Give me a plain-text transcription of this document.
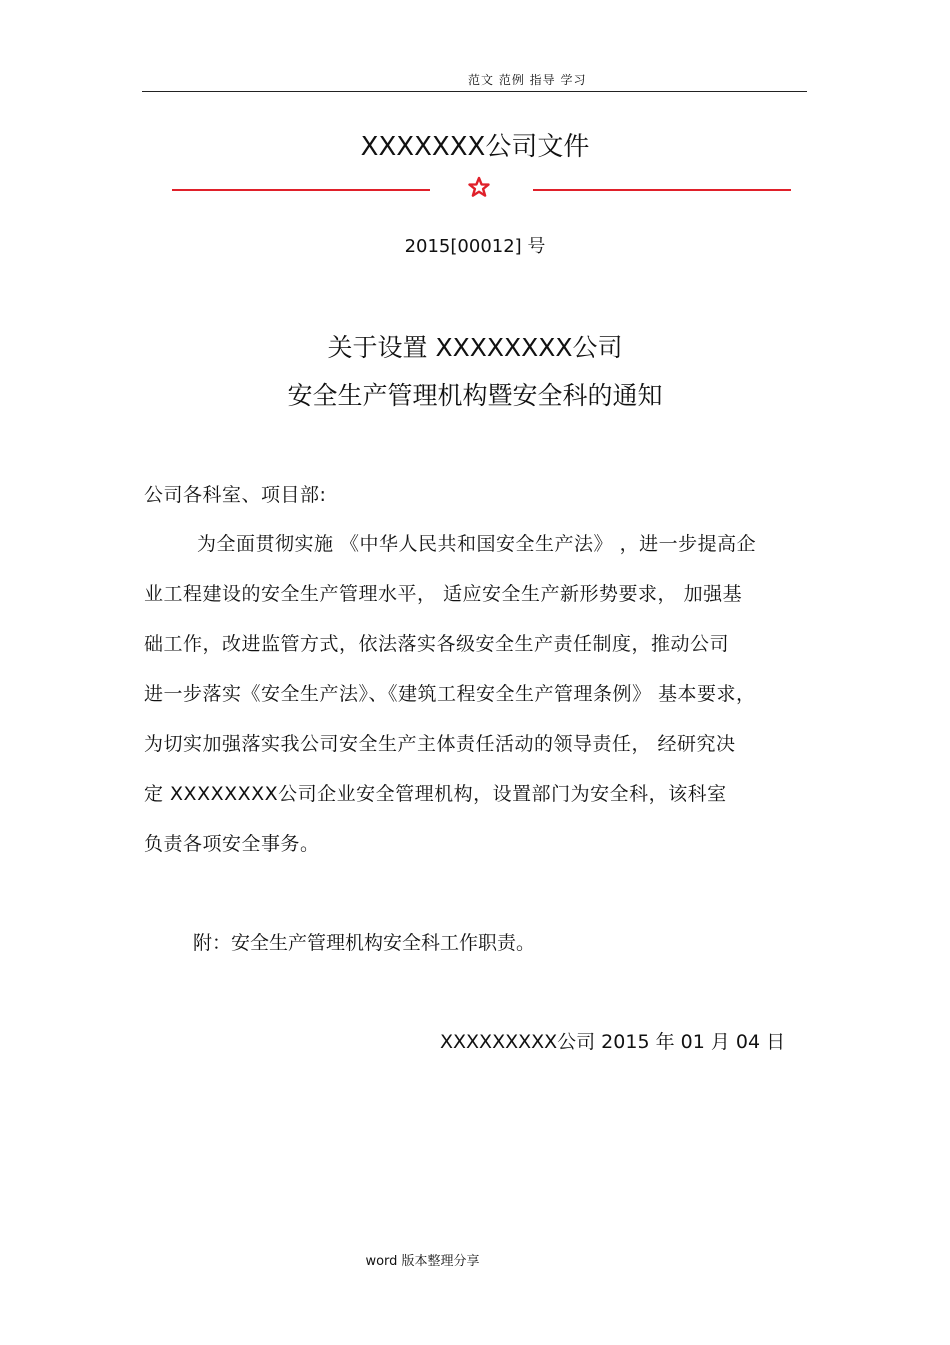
范文 范例 指导 学习
XXXXXXX公司文件
2015[00012] 号
关于设置 XXXXXXXX公司
安全生产管理机构暨安全科的通知
公司各科室、项目部:
为全面贯彻实施 《中华人民共和国安全生产法》 ，进一步提高企
业工程建设的安全生产管理水平， 适应安全生产新形势要求， 加强基
础工作，改进监管方式，依法落实各级安全生产责任制度，推动公司
进一步落实《安全生产法》、《建筑工程安全生产管理条例》 基本要求，
为切实加强落实我公司安全生产主体责任活动的领导责任， 经研究决
定 XXXXXXXX公司企业安全管理机构，设置部门为安全科，该科室
负责各项安全事务。
附：安全生产管理机构安全科工作职责。
XXXXXXXXX公司 2015 年 01 月 04 日
word 版本整理分享
